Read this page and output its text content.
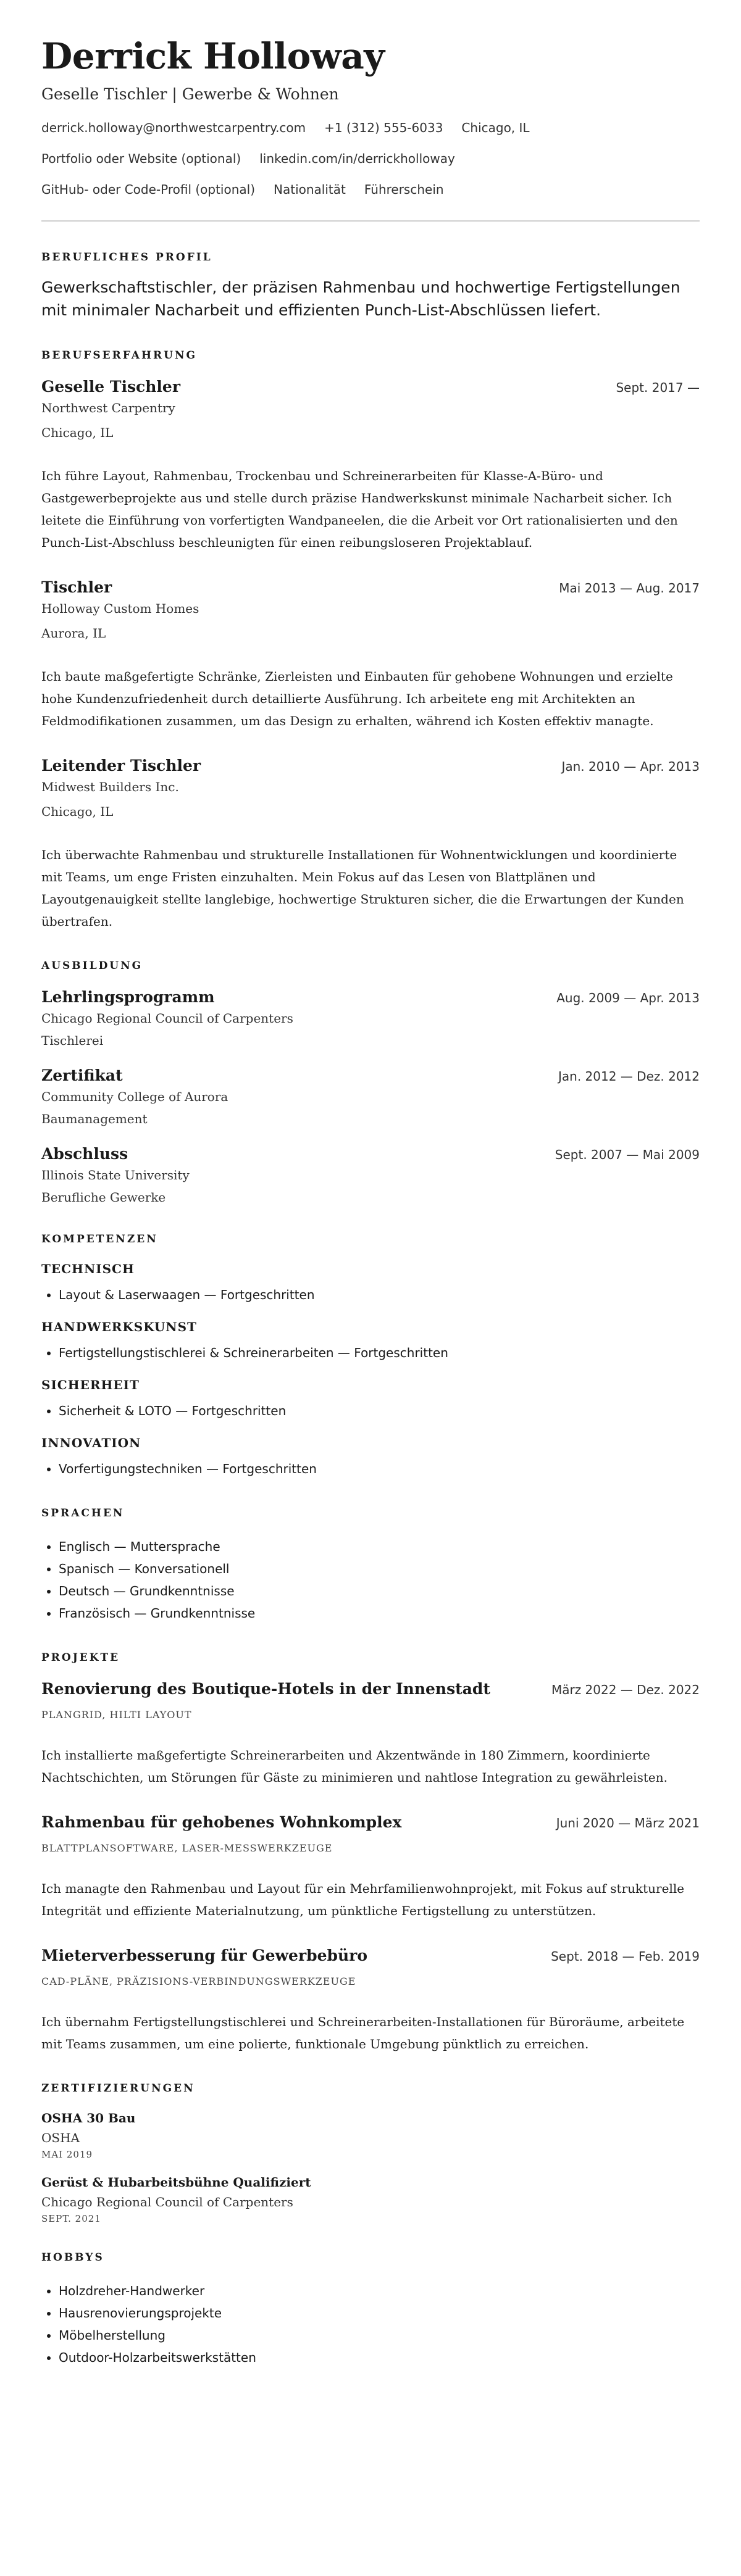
Derrick Holloway
Geselle Tischler | Gewerbe & Wohnen
derrick.holloway@northwestcarpentry.com +1 (312) 555-6033 Chicago, IL
Portfolio oder Website (optional) linkedin.com/in/derrickholloway
GitHub- oder Code-Profil (optional) Nationalität Führerschein
BERUFLICHES PROFIL

Gewerkschaftstischler, der präzisen Rahmenbau und hochwertige Fertigstellungen mit minimaler Nacharbeit und effizienten Punch-List-Abschlüssen liefert.

BERUFSERFAHRUNG
Geselle Tischler	Sept. 2017 —
Northwest Carpentry
Chicago, IL
Ich führe Layout, Rahmenbau, Trockenbau und Schreinerarbeiten für Klasse-A-Büro- und Gastgewerbeprojekte aus und stelle durch präzise Handwerkskunst minimale Nacharbeit sicher. Ich leitete die Einführung von vorfertigten Wandpaneelen, die die Arbeit vor Ort rationalisierten und den Punch-List-Abschluss beschleunigten für einen reibungsloseren Projektablauf.
Tischler	Mai 2013 — Aug. 2017
Holloway Custom Homes
Aurora, IL
Ich baute maßgefertigte Schränke, Zierleisten und Einbauten für gehobene Wohnungen und erzielte hohe Kundenzufriedenheit durch detaillierte Ausführung. Ich arbeitete eng mit Architekten an Feldmodifikationen zusammen, um das Design zu erhalten, während ich Kosten effektiv managte.
Leitender Tischler	Jan. 2010 — Apr. 2013
Midwest Builders Inc.
Chicago, IL
Ich überwachte Rahmenbau und strukturelle Installationen für Wohnentwicklungen und koordinierte mit Teams, um enge Fristen einzuhalten. Mein Fokus auf das Lesen von Blattplänen und Layoutgenauigkeit stellte langlebige, hochwertige Strukturen sicher, die die Erwartungen der Kunden übertrafen.
AUSBILDUNG
Lehrlingsprogramm	Aug. 2009 — Apr. 2013
Chicago Regional Council of Carpenters
Tischlerei
Zertifikat	Jan. 2012 — Dez. 2012
Community College of Aurora
Baumanagement
Abschluss	Sept. 2007 — Mai 2009
Illinois State University
Berufliche Gewerke
KOMPETENZEN
TECHNISCH
• Layout & Laserwaagen — Fortgeschritten
HANDWERKSKUNST
• Fertigstellungstischlerei & Schreinerarbeiten — Fortgeschritten
SICHERHEIT
• Sicherheit & LOTO — Fortgeschritten
INNOVATION
• Vorfertigungstechniken — Fortgeschritten
SPRACHEN
• Englisch — Muttersprache
• Spanisch — Konversationell
• Deutsch — Grundkenntnisse
• Französisch — Grundkenntnisse
PROJEKTE
Renovierung des Boutique-Hotels in der Innenstadt	März 2022 — Dez. 2022
PLANGRID, HILTI LAYOUT
Ich installierte maßgefertigte Schreinerarbeiten und Akzentwände in 180 Zimmern, koordinierte Nachtschichten, um Störungen für Gäste zu minimieren und nahtlose Integration zu gewährleisten.
Rahmenbau für gehobenes Wohnkomplex	Juni 2020 — März 2021
BLATTPLANSOFTWARE, LASER-MESSWERKZEUGE
Ich managte den Rahmenbau und Layout für ein Mehrfamilienwohnprojekt, mit Fokus auf strukturelle Integrität und effiziente Materialnutzung, um pünktliche Fertigstellung zu unterstützen.
Mieterverbesserung für Gewerbebüro	Sept. 2018 — Feb. 2019
CAD-PLÄNE, PRÄZISIONS-VERBINDUNGSWERKZEUGE
Ich übernahm Fertigstellungstischlerei und Schreinerarbeiten-Installationen für Büroräume, arbeitete mit Teams zusammen, um eine polierte, funktionale Umgebung pünktlich zu erreichen.
ZERTIFIZIERUNGEN
OSHA 30 Bau
OSHA
MAI 2019
Gerüst & Hubarbeitsbühne Qualifiziert
Chicago Regional Council of Carpenters
SEPT. 2021
HOBBYS
• Holzdreher-Handwerker
• Hausrenovierungsprojekte
• Möbelherstellung
• Outdoor-Holzarbeitswerkstätten
